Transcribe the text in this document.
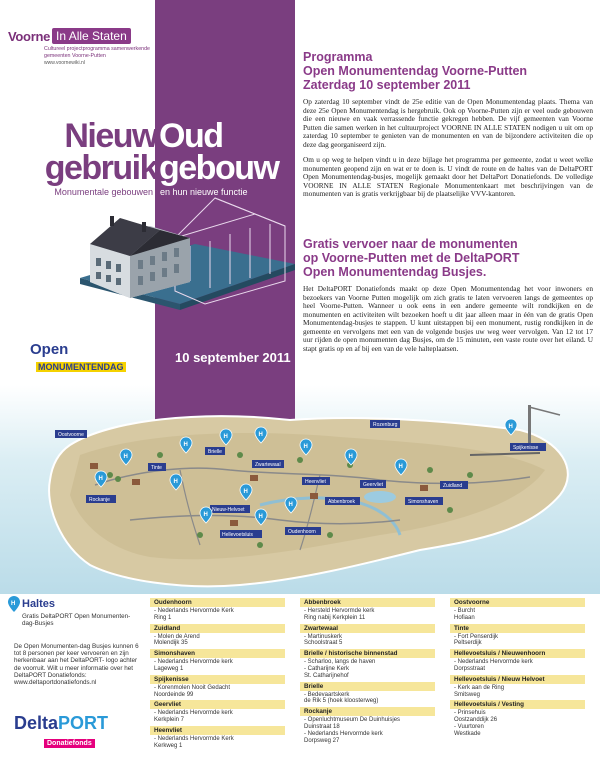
Voorne In Alle Staten
Cultureel projectprogramma samenwerkende gemeenten Voorne-Putten
www.voornewiki.nl
Nieuw Oud
gebruik gebouw
Monumentale gebouwen en hun nieuwe functie
Open
MONUMENTENDAG
10 september 2011
Programma
Open Monumentendag Voorne-Putten
Zaterdag 10 september 2011

Op zaterdag 10 september vindt de 25e editie van de Open Monumentendag plaats. Thema van deze 25e Open Monumentendag is hergebruik. Ook op Voorne-Putten zijn er veel oude gebouwen die een nieuwe en vaak verrassende functie gekregen hebben. De vijf gemeenten van Voorne Putten die samen werken in het cultuurproject VOORNE IN ALLE STATEN nodigen u uit om op zaterdag 10 september te genieten van de monumenten en van de bijzondere activiteiten die op deze dag georganiseerd zijn.

Om u op weg te helpen vindt u in deze bijlage het programma per gemeente, zodat u weet welke monumenten geopend zijn en wat er te doen is. U vindt de route en de haltes van de DeltaPORT Open Monumentendag-busjes, mogelijk gemaakt door het DeltaPort Donatiefonds. De volledige VOORNE IN ALLE STATEN Regionale Monumentenkaart met beschrijvingen van de monumenten van is gratis verkrijgbaar bij de plaatselijke VVV-kantoren.

Gratis vervoer naar de monumenten
op Voorne-Putten met de DeltaPORT
Open Monumentendag Busjes.

Het DeltaPORT Donatiefonds maakt op deze Open Monumentendag het voor inwoners en bezoekers van Voorne Putten mogelijk om zich gratis te laten vervoeren langs de gemeentes op heel Voorne-Putten. Wanneer u ook eens in een andere gemeente wilt rondkijken en de monumenten en activiteiten wilt bezoeken hoeft u dit jaar alleen maar in één van de gratis Open Monumentendag-busjes te stappen. U kunt uitstappen bij een monument, rustig rondkijken in de gemeente en vervolgens met een van de volgende busjes uw weg weer vervolgen. Van 12 tot 17 uur rijden de open monumenten dag Busjes, om de 15 minuten, een vaste route over het eiland. U stapt gratis op en af bij een van de vele halteplaatsen.

Oostvoorne
Rozenburg
Brielle
Tinte	Zwartewaal
Heenvliet	Geervliet
Simonshaven
Zuidland
Abbenbroek
Hellevoetsluis	Oudenhoorn
Spijkenisse
Rockanje
Nieuw-Helvoet
H
H
H	H
H
H
H
H
H	H
H
H
H	H
H Haltes
Gratis DeltaPORT Open Monumenten-dag-Busjes
De Open Monumenten-dag Busjes kunnen 6 tot 8 personen per keer vervoeren en zijn herkenbaar aan het DeltaPORT- logo achter de voorruit. Wilt u meer informatie over het DeltaPORT Donatiefonds: www.deltaportdonatiefonds.nl
DeltaPORT
Donatiefonds
Oudenhoorn
- Nederlands Hervormde Kerk
Ring 1
Zuidland
- Molen de Arend
Molendijk 35
Simonshaven
- Nederlands Hervormde kerk
Lageweg 1
Spijkenisse
- Korenmolen Nooit Gedacht
Noordeinde 99
Geervliet
- Nederlands Hervormde kerk
Kerkplein 7
Heenvliet
- Nederlands Hervormde Kerk
Kerkweg 1
Abbenbroek
- Hersteld Hervormde kerk
Ring nabij Kerkplein 11
Zwartewaal
- Martinuskerk
Schoolstraat 5
Brielle / historische binnenstad
- Scharloo, langs de haven
- Catharijne Kerk
St. Catharijnehof
Brielle
- Bedevaartskerk
de Rik 5 (hoek kloosterweg)
Rockanje
- Openluchtmuseum De Duinhuisjes
Duinstraat 18
- Nederlands Hervormde kerk
Dorpsweg 27
Oostvoorne
- Burcht
Hofiaan
Tinte
- Fort Penserdijk
Peltserdijk
Hellevoetsluis / Nieuwenhoorn
- Nederlands Hervormde kerk
Dorpsstraat
Hellevoetsluis / Nieuw Helvoet
- Kerk aan de Ring
Smitsweg
Hellevoetsluis / Vesting
- Prinsehuis
Oostzanddijk 26
- Vuurtoren
Westkade
